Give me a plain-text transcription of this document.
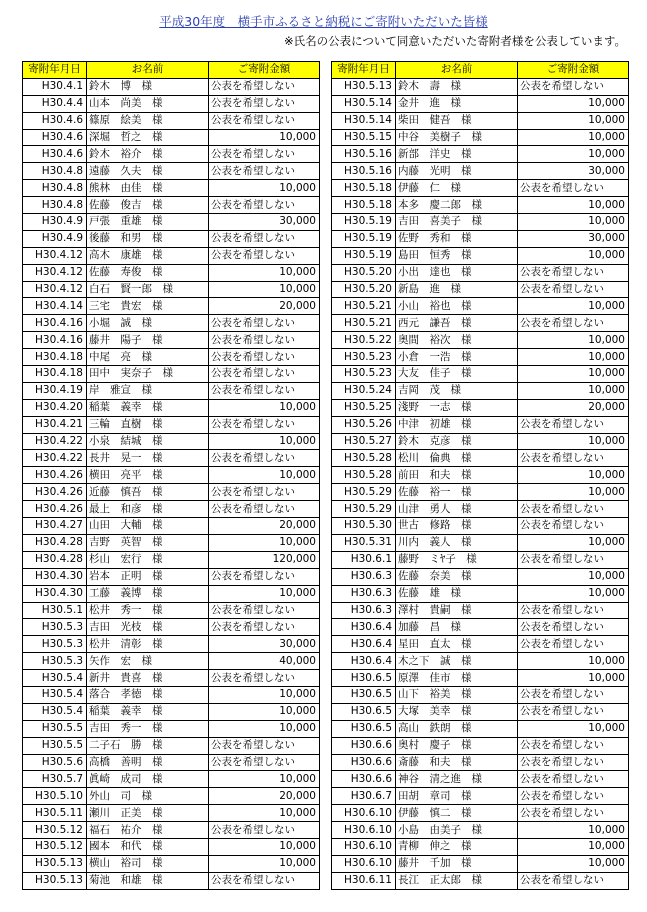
平成30年度　横手市ふるさと納税にご寄附いただいた皆様
※氏名の公表について同意いただいた寄附者様を公表しています。
寄附年月日	お名前	ご寄附金額
H30.4.1	鈴木　博　様	公表を希望しない
H30.4.4	山本　尚美　様	公表を希望しない
H30.4.6	篠原　絵美　様	公表を希望しない
H30.4.6	深堀　哲之　様	10,000
H30.4.6	鈴木　裕介　様	公表を希望しない
H30.4.8	遠藤　久夫　様	公表を希望しない
H30.4.8	熊林　由佳　様	10,000
H30.4.8	佐藤　俊吉　様	公表を希望しない
H30.4.9	戸張　重雄　様	30,000
H30.4.9	後藤　和男　様	公表を希望しない
H30.4.12	高木　康雄　様	公表を希望しない
H30.4.12	佐藤　寿俊　様	10,000
H30.4.12	白石　賢一郎　様	10,000
H30.4.14	三宅　貴宏　様	20,000
H30.4.16	小堀　誠　様	公表を希望しない
H30.4.16	藤井　陽子　様	公表を希望しない
H30.4.18	中尾　亮　様	公表を希望しない
H30.4.18	田中　実奈子　様	公表を希望しない
H30.4.19	岸　雅宣　様	公表を希望しない
H30.4.20	稲葉　義幸　様	10,000
H30.4.21	三輪　直樹　様	公表を希望しない
H30.4.22	小泉　結城　様	10,000
H30.4.22	長井　晃一　様	公表を希望しない
H30.4.26	横田　亮平　様	10,000
H30.4.26	近藤　慎吾　様	公表を希望しない
H30.4.26	最上　和彦　様	公表を希望しない
H30.4.27	山田　大輔　様	20,000
H30.4.28	吉野　英智　様	10,000
H30.4.28	杉山　宏行　様	120,000
H30.4.30	岩本　正明　様	公表を希望しない
H30.4.30	工藤　義博　様	10,000
H30.5.1	松井　秀一　様	公表を希望しない
H30.5.3	吉田　光枝　様	公表を希望しない
H30.5.3	松井　清彰　様	30,000
H30.5.3	矢作　宏　様	40,000
H30.5.4	新井　貴喜　様	公表を希望しない
H30.5.4	落合　孝徳　様	10,000
H30.5.4	稲葉　義幸　様	10,000
H30.5.5	吉田　秀一　様	10,000
H30.5.5	二子石　勝　様	公表を希望しない
H30.5.6	高橋　善明　様	公表を希望しない
H30.5.7	眞崎　成司　様	10,000
H30.5.10	外山　司　様	20,000
H30.5.11	瀬川　正美　様	10,000
H30.5.12	福石　祐介　様	公表を希望しない
H30.5.12	國本　和代　様	10,000
H30.5.13	横山　裕司　様	10,000
H30.5.13	菊池　和雄　様	公表を希望しない
寄附年月日	お名前	ご寄附金額
H30.5.13	鈴木　壽　様	公表を希望しない
H30.5.14	金井　進　様	10,000
H30.5.14	柴田　健吾　様	10,000
H30.5.15	中谷　美樹子　様	10,000
H30.5.16	新部　洋史　様	10,000
H30.5.16	内藤　光明　様	30,000
H30.5.18	伊藤　仁　様	公表を希望しない
H30.5.18	本多　慶二郎　様	10,000
H30.5.19	吉田　喜美子　様	10,000
H30.5.19	佐野　秀和　様	30,000
H30.5.19	島田　恒秀　様	10,000
H30.5.20	小出　達也　様	公表を希望しない
H30.5.20	新島　進　様	公表を希望しない
H30.5.21	小山　裕也　様	10,000
H30.5.21	西元　謙吾　様	公表を希望しない
H30.5.22	奥間　裕次　様	10,000
H30.5.23	小倉　一浩　様	10,000
H30.5.23	大友　佳子　様	10,000
H30.5.24	吉岡　茂　様	10,000
H30.5.25	淺野　一志　様	20,000
H30.5.26	中津　初雄　様	公表を希望しない
H30.5.27	鈴木　克彦　様	10,000
H30.5.28	松川　倫典　様	公表を希望しない
H30.5.28	前田　和夫　様	10,000
H30.5.29	佐藤　裕一　様	10,000
H30.5.29	山津　勇人　様	公表を希望しない
H30.5.30	世古　修路　様	公表を希望しない
H30.5.31	川内　義人　様	10,000
H30.6.1	藤野　ミﾔ子　様	公表を希望しない
H30.6.3	佐藤　奈美　様	10,000
H30.6.3	佐藤　雄　様	10,000
H30.6.3	澤村　貴嗣　様	公表を希望しない
H30.6.4	加藤　昌　様	公表を希望しない
H30.6.4	星田　直太　様	公表を希望しない
H30.6.4	木之下　誠　様	10,000
H30.6.5	原澤　佳市　様	10,000
H30.6.5	山下　裕美　様	公表を希望しない
H30.6.5	大塚　美幸　様	公表を希望しない
H30.6.5	高山　鉄朗　様	10,000
H30.6.6	奥村　慶子　様	公表を希望しない
H30.6.6	斎藤　和夫　様	公表を希望しない
H30.6.6	神谷　清之進　様	公表を希望しない
H30.6.7	田胡　章司　様	公表を希望しない
H30.6.10	伊藤　慎二　様	公表を希望しない
H30.6.10	小島　由美子　様	10,000
H30.6.10	青柳　伸之　様	10,000
H30.6.10	藤井　千加　様	10,000
H30.6.11	長江　正太郎　様	公表を希望しない
